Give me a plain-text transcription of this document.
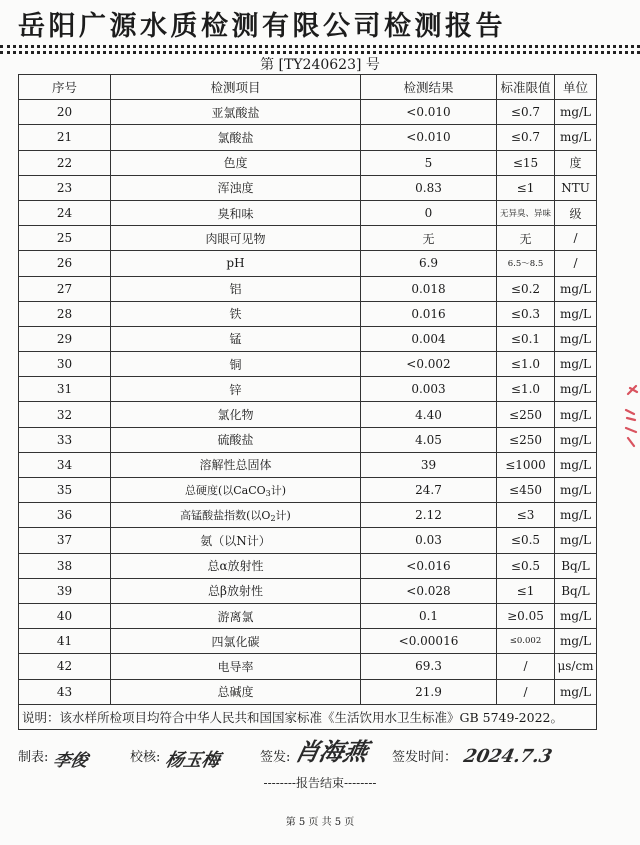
岳阳广源水质检测有限公司检测报告
第 [TY240623] 号
序号	检测项目	检测结果	标准限值	单位
20	亚氯酸盐	<0.010	≤0.7	mg/L
21	氯酸盐	<0.010	≤0.7	mg/L
22	色度	5	≤15	度
23	浑浊度	0.83	≤1	NTU
24	臭和味	0	无异臭、异味	级
25	肉眼可见物	无	无	/
26	pH	6.9	6.5～8.5	/
27	铝	0.018	≤0.2	mg/L
28	铁	0.016	≤0.3	mg/L
29	锰	0.004	≤0.1	mg/L
30	铜	<0.002	≤1.0	mg/L
31	锌	0.003	≤1.0	mg/L
32	氯化物	4.40	≤250	mg/L
33	硫酸盐	4.05	≤250	mg/L
34	溶解性总固体	39	≤1000	mg/L
35	总硬度(以CaCO$_3$计)	24.7	≤450	mg/L
36	高锰酸盐指数(以$O_2$计)	2.12	≤3	mg/L
37	氨（以N计）	0.03	≤0.5	mg/L
38	总α放射性	<0.016	≤0.5	Bq/L
39	总β放射性	<0.028	≤1	Bq/L
40	游离氯	0.1	≥0.05	mg/L
41	四氯化碳	<0.00016	≤0.002	mg/L
42	电导率	69.3	/	μs/cm
43	总碱度	21.9	/	mg/L
说明：该水样所检项目均符合中华人民共和国国家标准《生活饮用水卫生标准》GB 5749-2022。				
制表: 李俊	校核: 杨玉梅	签发: 肖海燕 签发时间： 2024.7.3
--------报告结束--------
第 5 页 共 5 页
